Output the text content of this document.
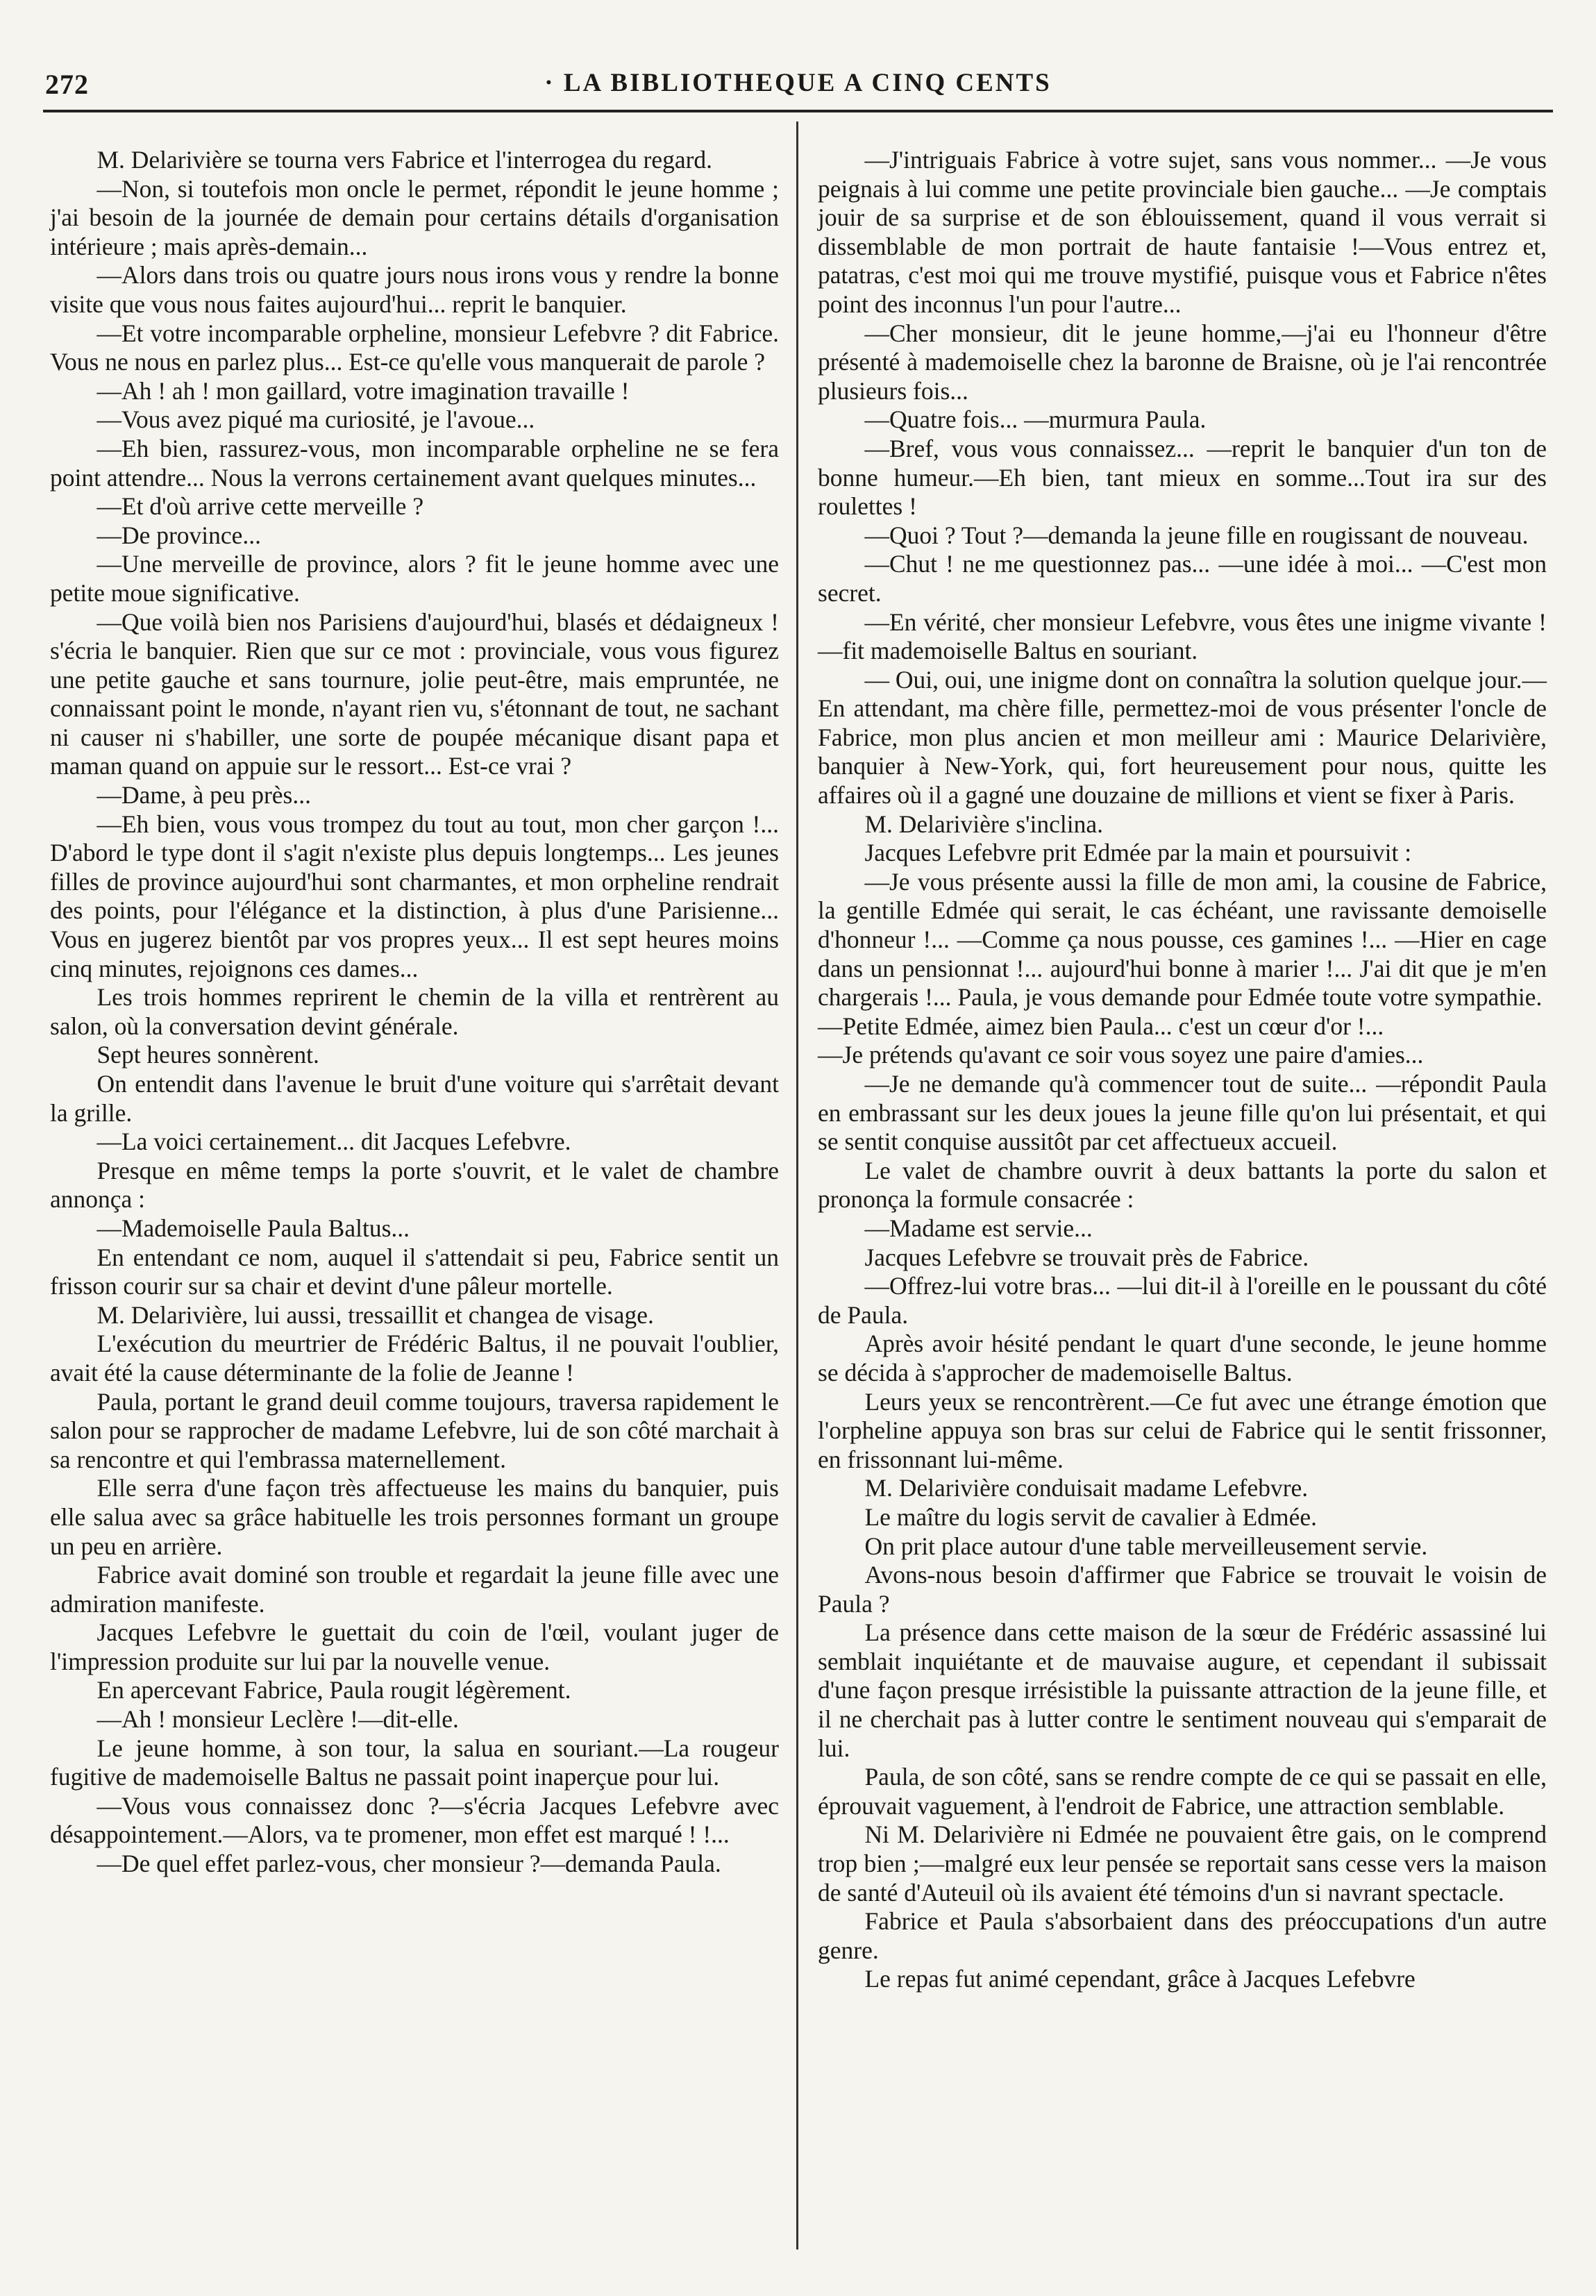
272	· LA BIBLIOTHEQUE A CINQ CENTS

M. Delarivière se tourna vers Fabrice et l'interrogea du regard.

—Non, si toutefois mon oncle le permet, répondit le jeune homme ; j'ai besoin de la journée de demain pour certains détails d'organisation intérieure ; mais après-demain...

—Alors dans trois ou quatre jours nous irons vous y rendre la bonne visite que vous nous faites aujourd'hui... reprit le banquier.

—Et votre incomparable orpheline, monsieur Lefebvre ? dit Fabrice. Vous ne nous en parlez plus... Est-ce qu'elle vous manquerait de parole ?

—Ah ! ah ! mon gaillard, votre imagination travaille !

—Vous avez piqué ma curiosité, je l'avoue...

—Eh bien, rassurez-vous, mon incomparable orpheline ne se fera point attendre... Nous la verrons certainement avant quelques minutes...

—Et d'où arrive cette merveille ?

—De province...

—Une merveille de province, alors ? fit le jeune homme avec une petite moue significative.

—Que voilà bien nos Parisiens d'aujourd'hui, blasés et dédaigneux ! s'écria le banquier. Rien que sur ce mot : provinciale, vous vous figurez une petite gauche et sans tournure, jolie peut-être, mais empruntée, ne connaissant point le monde, n'ayant rien vu, s'étonnant de tout, ne sachant ni causer ni s'habiller, une sorte de poupée mécanique disant papa et maman quand on appuie sur le ressort... Est-ce vrai ?

—Dame, à peu près...

—Eh bien, vous vous trompez du tout au tout, mon cher garçon !... D'abord le type dont il s'agit n'existe plus depuis longtemps... Les jeunes filles de province aujourd'hui sont charmantes, et mon orpheline rendrait des points, pour l'élégance et la distinction, à plus d'une Parisienne... Vous en jugerez bientôt par vos propres yeux... Il est sept heures moins cinq minutes, rejoignons ces dames...

Les trois hommes reprirent le chemin de la villa et rentrèrent au salon, où la conversation devint générale.

Sept heures sonnèrent.

On entendit dans l'avenue le bruit d'une voiture qui s'arrêtait devant la grille.

—La voici certainement... dit Jacques Lefebvre.

Presque en même temps la porte s'ouvrit, et le valet de chambre annonça :

—Mademoiselle Paula Baltus...

En entendant ce nom, auquel il s'attendait si peu, Fabrice sentit un frisson courir sur sa chair et devint d'une pâleur mortelle.

M. Delarivière, lui aussi, tressaillit et changea de visage.

L'exécution du meurtrier de Frédéric Baltus, il ne pouvait l'oublier, avait été la cause déterminante de la folie de Jeanne !

Paula, portant le grand deuil comme toujours, traversa rapidement le salon pour se rapprocher de madame Lefebvre, lui de son côté marchait à sa rencontre et qui l'embrassa maternellement.

Elle serra d'une façon très affectueuse les mains du banquier, puis elle salua avec sa grâce habituelle les trois personnes formant un groupe un peu en arrière.

Fabrice avait dominé son trouble et regardait la jeune fille avec une admiration manifeste.

Jacques Lefebvre le guettait du coin de l'œil, voulant juger de l'impression produite sur lui par la nouvelle venue.

En apercevant Fabrice, Paula rougit légèrement.

—Ah ! monsieur Leclère !—dit-elle.

Le jeune homme, à son tour, la salua en souriant.—La rougeur fugitive de mademoiselle Baltus ne passait point inaperçue pour lui.

—Vous vous connaissez donc ?—s'écria Jacques Lefebvre avec désappointement.—Alors, va te promener, mon effet est marqué ! !...

—De quel effet parlez-vous, cher monsieur ?—demanda Paula.

—J'intriguais Fabrice à votre sujet, sans vous nommer... —Je vous peignais à lui comme une petite provinciale bien gauche... —Je comptais jouir de sa surprise et de son éblouissement, quand il vous verrait si dissemblable de mon portrait de haute fantaisie !—Vous entrez et, patatras, c'est moi qui me trouve mystifié, puisque vous et Fabrice n'êtes point des inconnus l'un pour l'autre...

—Cher monsieur, dit le jeune homme,—j'ai eu l'honneur d'être présenté à mademoiselle chez la baronne de Braisne, où je l'ai rencontrée plusieurs fois...

—Quatre fois... —murmura Paula.

—Bref, vous vous connaissez... —reprit le banquier d'un ton de bonne humeur.—Eh bien, tant mieux en somme...Tout ira sur des roulettes !

—Quoi ? Tout ?—demanda la jeune fille en rougissant de nouveau.

—Chut ! ne me questionnez pas... —une idée à moi... —C'est mon secret.

—En vérité, cher monsieur Lefebvre, vous êtes une inigme vivante !—fit mademoiselle Baltus en souriant.

— Oui, oui, une inigme dont on connaîtra la solution quelque jour.—En attendant, ma chère fille, permettez-moi de vous présenter l'oncle de Fabrice, mon plus ancien et mon meilleur ami : Maurice Delarivière, banquier à New-York, qui, fort heureusement pour nous, quitte les affaires où il a gagné une douzaine de millions et vient se fixer à Paris.

M. Delarivière s'inclina.

Jacques Lefebvre prit Edmée par la main et poursuivit :

—Je vous présente aussi la fille de mon ami, la cousine de Fabrice, la gentille Edmée qui serait, le cas échéant, une ravissante demoiselle d'honneur !... —Comme ça nous pousse, ces gamines !... —Hier en cage dans un pensionnat !... aujourd'hui bonne à marier !... J'ai dit que je m'en chargerais !... Paula, je vous demande pour Edmée toute votre sympathie.

—Petite Edmée, aimez bien Paula... c'est un cœur d'or !...

—Je prétends qu'avant ce soir vous soyez une paire d'amies...

—Je ne demande qu'à commencer tout de suite... —répondit Paula en embrassant sur les deux joues la jeune fille qu'on lui présentait, et qui se sentit conquise aussitôt par cet affectueux accueil.

Le valet de chambre ouvrit à deux battants la porte du salon et prononça la formule consacrée :

—Madame est servie...

Jacques Lefebvre se trouvait près de Fabrice.

—Offrez-lui votre bras... —lui dit-il à l'oreille en le poussant du côté de Paula.

Après avoir hésité pendant le quart d'une seconde, le jeune homme se décida à s'approcher de mademoiselle Baltus.

Leurs yeux se rencontrèrent.—Ce fut avec une étrange émotion que l'orpheline appuya son bras sur celui de Fabrice qui le sentit frissonner, en frissonnant lui-même.

M. Delarivière conduisait madame Lefebvre.

Le maître du logis servit de cavalier à Edmée.

On prit place autour d'une table merveilleusement servie.

Avons-nous besoin d'affirmer que Fabrice se trouvait le voisin de Paula ?

La présence dans cette maison de la sœur de Frédéric assassiné lui semblait inquiétante et de mauvaise augure, et cependant il subissait d'une façon presque irrésistible la puissante attraction de la jeune fille, et il ne cherchait pas à lutter contre le sentiment nouveau qui s'emparait de lui.

Paula, de son côté, sans se rendre compte de ce qui se passait en elle, éprouvait vaguement, à l'endroit de Fabrice, une attraction semblable.

Ni M. Delarivière ni Edmée ne pouvaient être gais, on le comprend trop bien ;—malgré eux leur pensée se reportait sans cesse vers la maison de santé d'Auteuil où ils avaient été témoins d'un si navrant spectacle.

Fabrice et Paula s'absorbaient dans des préoccupations d'un autre genre.

Le repas fut animé cependant, grâce à Jacques Lefebvre
